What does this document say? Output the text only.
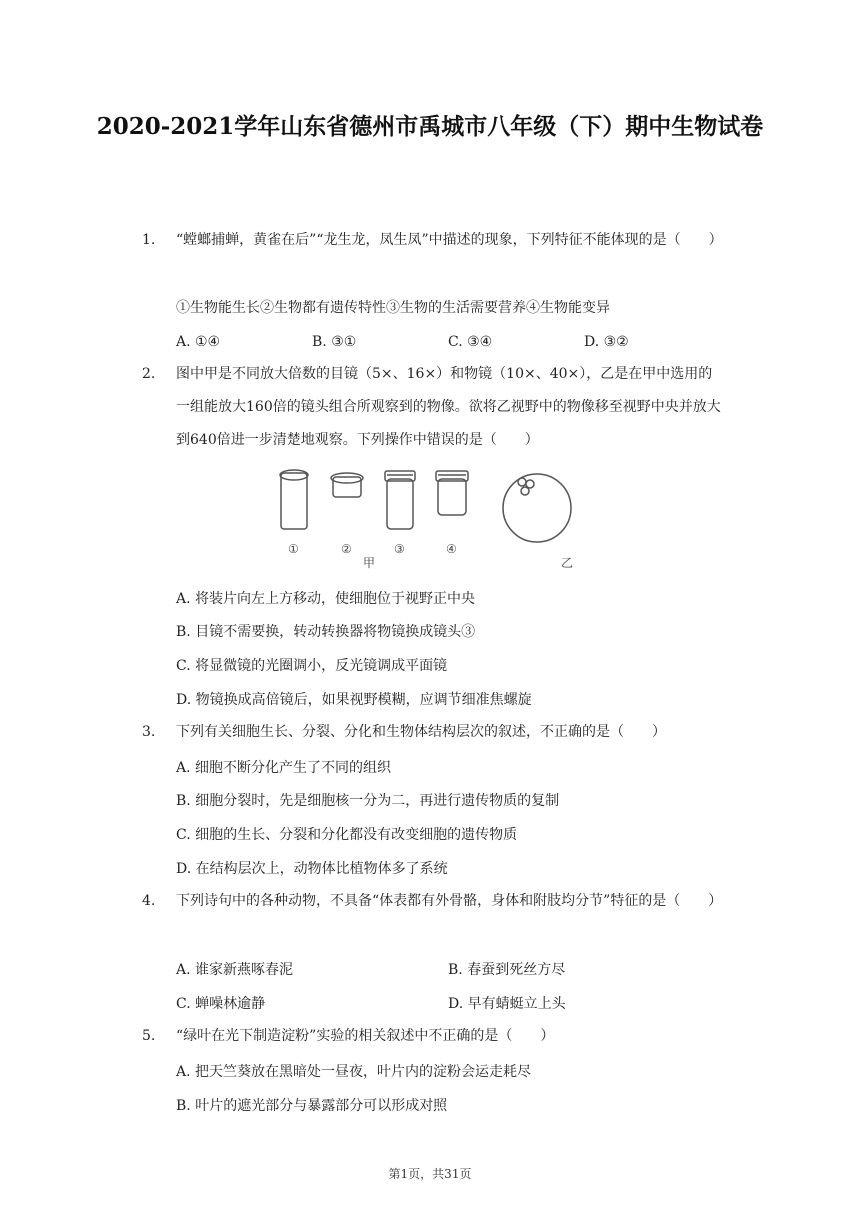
2020-2021学年山东省德州市禹城市八年级（下）期中生物试卷
1.	“螳螂捕蝉，黄雀在后”“龙生龙，凤生凤”中描述的现象，下列特征不能体现的是（　　）
①生物能生长②生物都有遗传特性③生物的生活需要营养④生物能变异
A. ①④	B. ③①	C. ③④	D. ③②
2.	图中甲是不同放大倍数的目镜（5×、16×）和物镜（10×、40×），乙是在甲中选用的一组能放大160倍的镜头组合所观察到的物像。欲将乙视野中的物像移至视野中央并放大到640倍进一步清楚地观察。下列操作中错误的是（　　）
①	②	③	④
甲	乙
A. 将装片向左上方移动，使细胞位于视野正中央
B. 目镜不需要换，转动转换器将物镜换成镜头③
C. 将显微镜的光圈调小，反光镜调成平面镜
D. 物镜换成高倍镜后，如果视野模糊，应调节细准焦螺旋
3.	下列有关细胞生长、分裂、分化和生物体结构层次的叙述，不正确的是（　　）
A. 细胞不断分化产生了不同的组织
B. 细胞分裂时，先是细胞核一分为二，再进行遗传物质的复制
C. 细胞的生长、分裂和分化都没有改变细胞的遗传物质
D. 在结构层次上，动物体比植物体多了系统
4.	下列诗句中的各种动物，不具备“体表都有外骨骼，身体和附肢均分节”特征的是（　　）
A. 谁家新燕啄春泥	B. 春蚕到死丝方尽
C. 蝉噪林逾静	D. 早有蜻蜓立上头
5.	“绿叶在光下制造淀粉”实验的相关叙述中不正确的是（　　）
A. 把天竺葵放在黑暗处一昼夜，叶片内的淀粉会运走耗尽
B. 叶片的遮光部分与暴露部分可以形成对照
第1页，共31页
